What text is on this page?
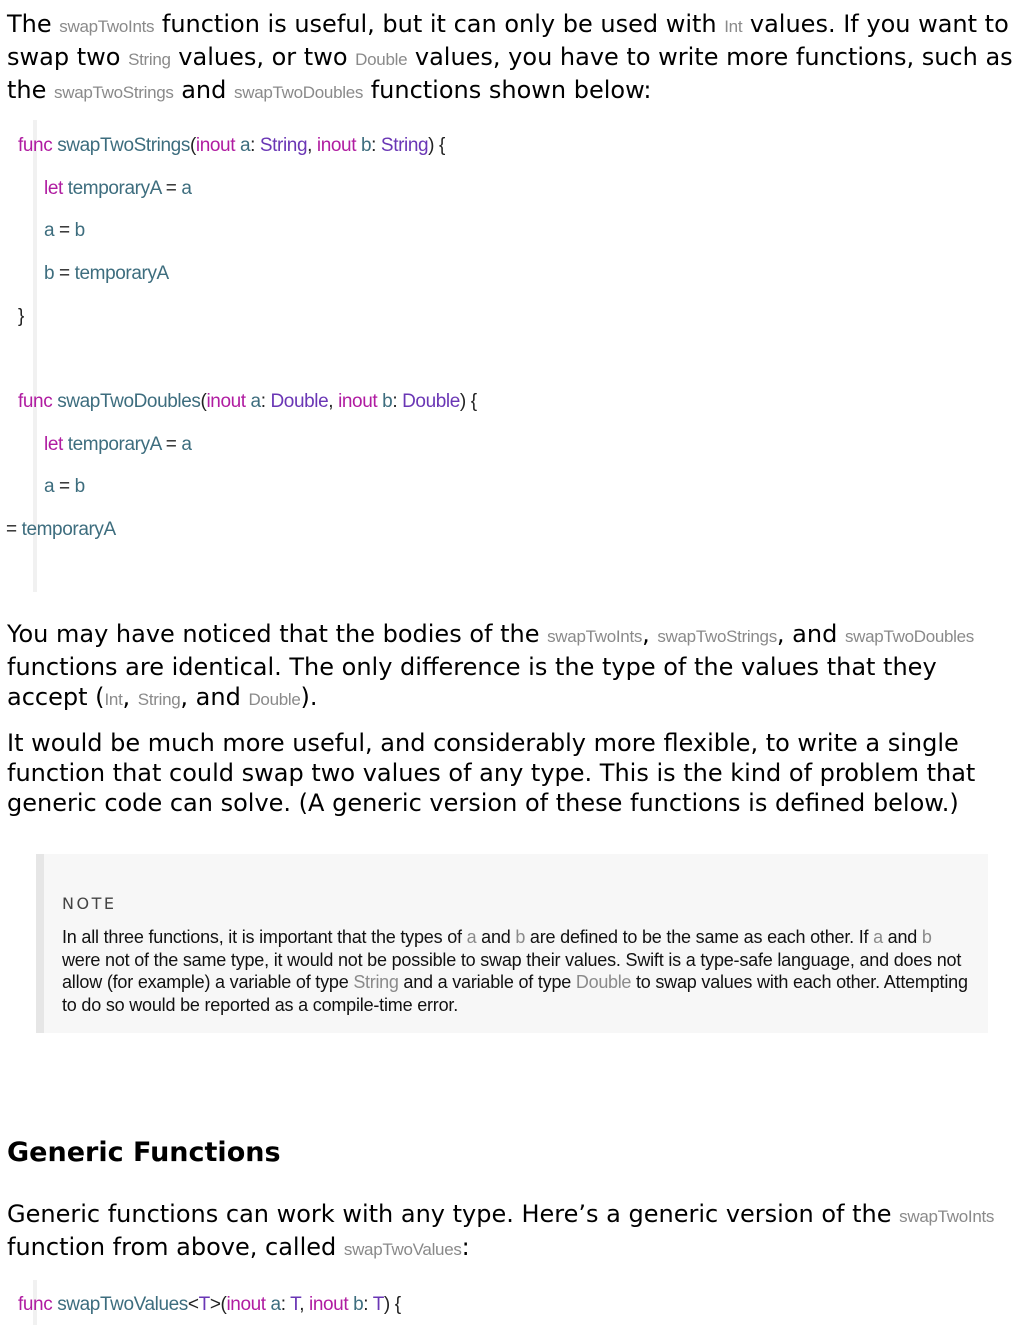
The swapTwoInts function is useful, but it can only be used with Int values. If you want to swap two String values, or two Double values, you have to write more functions, such as the swapTwoStrings and swapTwoDoubles functions shown below:

func swapTwoStrings(inout a: String, inout b: String) {
let temporaryA = a
a = b
b = temporaryA
}
func swapTwoDoubles(inout a: Double, inout b: Double) {
let temporaryA = a
a = b
= temporaryA

You may have noticed that the bodies of the swapTwoInts, swapTwoStrings, and swapTwoDoubles functions are identical. The only difference is the type of the values that they accept (Int, String, and Double).

It would be much more useful, and considerably more flexible, to write a single function that could swap two values of any type. This is the kind of problem that generic code can solve. (A generic version of these functions is defined below.)

NOTE
In all three functions, it is important that the types of a and b are defined to be the same as each other. If a and b were not of the same type, it would not be possible to swap their values. Swift is a type-safe language, and does not allow (for example) a variable of type String and a variable of type Double to swap values with each other. Attempting to do so would be reported as a compile-time error.
Generic Functions

Generic functions can work with any type. Here’s a generic version of the swapTwoInts function from above, called swapTwoValues:

func swapTwoValues<T>(inout a: T, inout b: T) {
